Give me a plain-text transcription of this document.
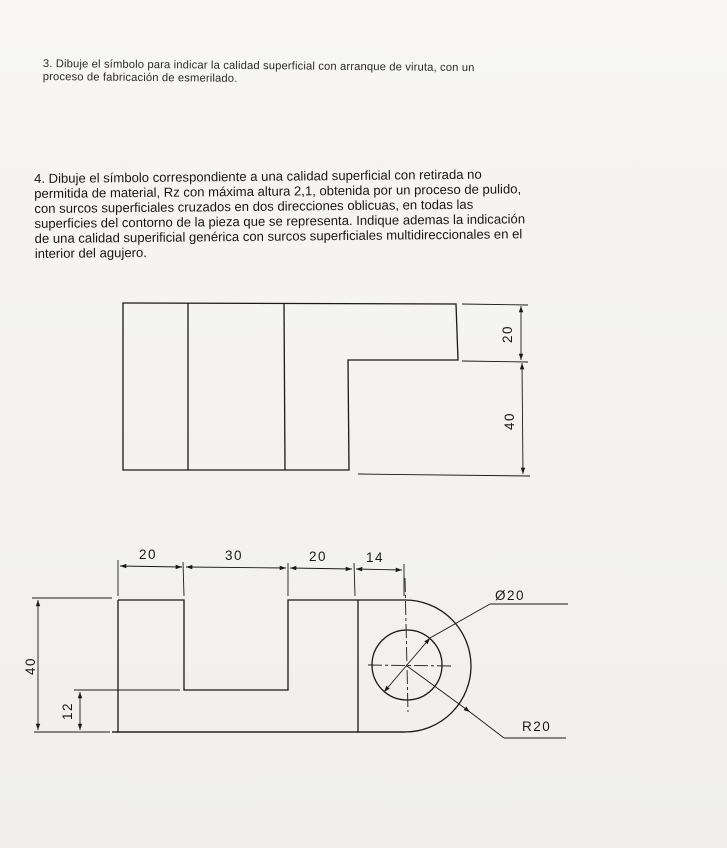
3. Dibuje el símbolo para indicar la calidad superficial con arranque de viruta, con un
proceso de fabricación de esmerilado.
4. Dibuje el símbolo correspondiente a una calidad superficial con retirada no
permitida de material, Rz con máxima altura 2,1, obtenida por un proceso de pulido,
con surcos superficiales cruzados en dos direcciones oblicuas, en todas las
superficies del contorno de la pieza que se representa. Indique ademas la indicación
de una calidad superificial genérica con surcos superficiales multidireccionales en el
interior del agujero.
20
40
20	30	20	14
40
12
Ø20
R20
